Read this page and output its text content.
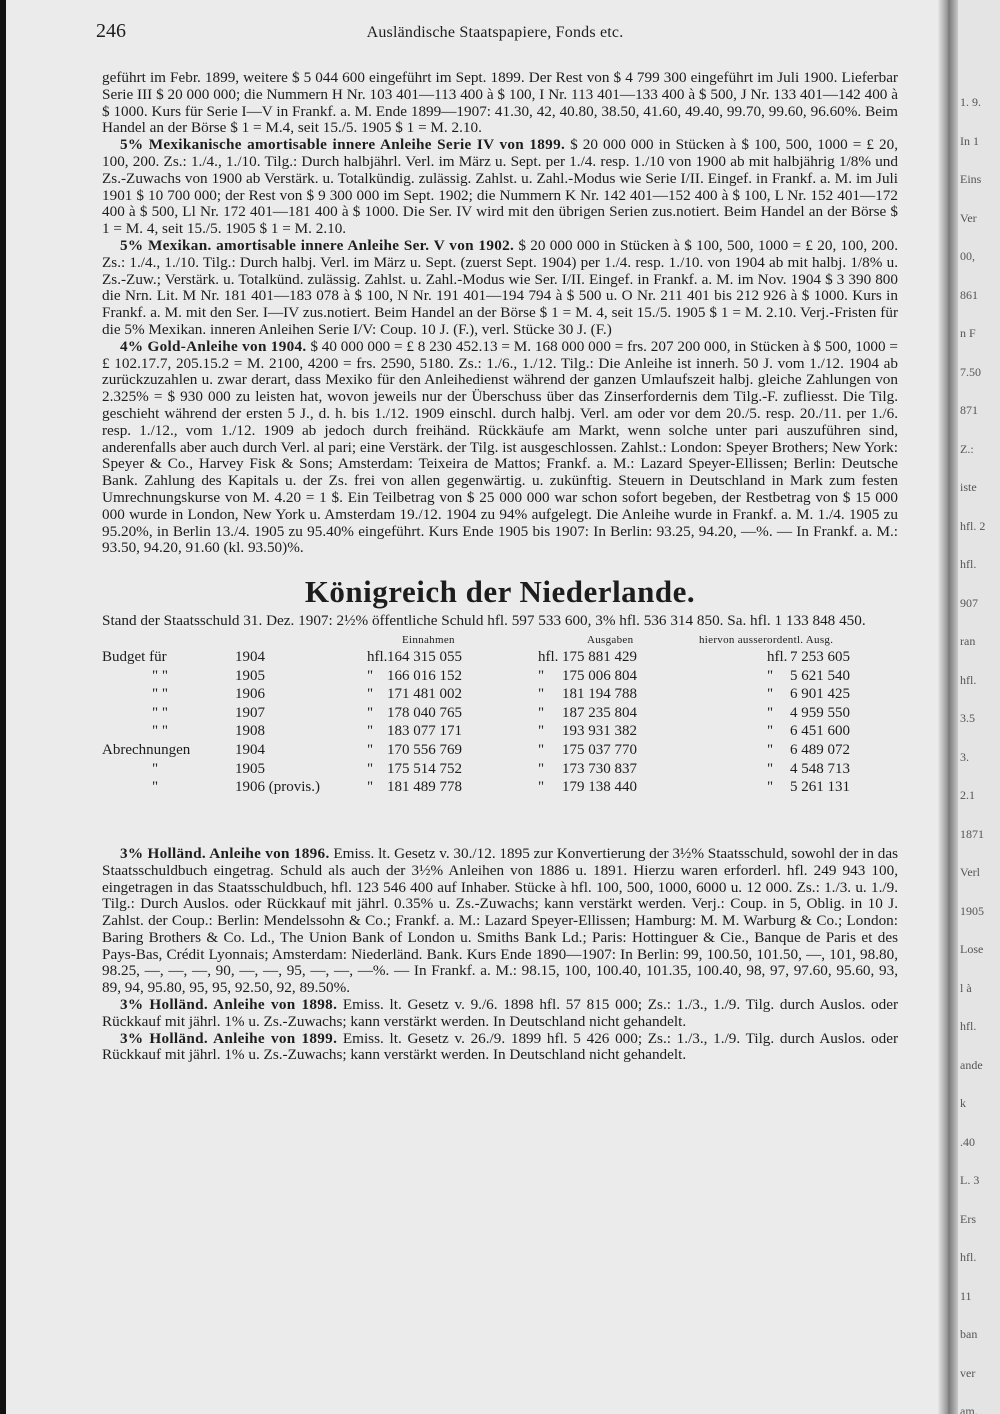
246	Ausländische Staatspapiere, Fonds etc.

geführt im Febr. 1899, weitere $ 5 044 600 eingeführt im Sept. 1899. Der Rest von $ 4 799 300 eingeführt im Juli 1900. Lieferbar Serie III $ 20 000 000; die Nummern H Nr. 103 401—113 400 à $ 100, I Nr. 113 401—133 400 à $ 500, J Nr. 133 401—142 400 à $ 1000. Kurs für Serie I—V in Frankf. a. M. Ende 1899—1907: 41.30, 42, 40.80, 38.50, 41.60, 49.40, 99.70, 99.60, 96.60%. Beim Handel an der Börse $ 1 = M.4, seit 15./5. 1905 $ 1 = M. 2.10.

5% Mexikanische amortisable innere Anleihe Serie IV von 1899. $ 20 000 000 in Stücken à $ 100, 500, 1000 = £ 20, 100, 200. Zs.: 1./4., 1./10. Tilg.: Durch halbjährl. Verl. im März u. Sept. per 1./4. resp. 1./10 von 1900 ab mit halbjährig 1/8% und Zs.-Zuwachs von 1900 ab Verstärk. u. Totalkündig. zulässig. Zahlst. u. Zahl.-Modus wie Serie I/II. Eingef. in Frankf. a. M. im Juli 1901 $ 10 700 000; der Rest von $ 9 300 000 im Sept. 1902; die Nummern K Nr. 142 401—152 400 à $ 100, L Nr. 152 401—172 400 à $ 500, Ll Nr. 172 401—181 400 à $ 1000. Die Ser. IV wird mit den übrigen Serien zus.notiert. Beim Handel an der Börse $ 1 = M. 4, seit 15./5. 1905 $ 1 = M. 2.10.

5% Mexikan. amortisable innere Anleihe Ser. V von 1902. $ 20 000 000 in Stücken à $ 100, 500, 1000 = £ 20, 100, 200. Zs.: 1./4., 1./10. Tilg.: Durch halbj. Verl. im März u. Sept. (zuerst Sept. 1904) per 1./4. resp. 1./10. von 1904 ab mit halbj. 1/8% u. Zs.-Zuw.; Verstärk. u. Totalkünd. zulässig. Zahlst. u. Zahl.-Modus wie Ser. I/II. Eingef. in Frankf. a. M. im Nov. 1904 $ 3 390 800 die Nrn. Lit. M Nr. 181 401—183 078 à $ 100, N Nr. 191 401—194 794 à $ 500 u. O Nr. 211 401 bis 212 926 à $ 1000. Kurs in Frankf. a. M. mit den Ser. I—IV zus.notiert. Beim Handel an der Börse $ 1 = M. 4, seit 15./5. 1905 $ 1 = M. 2.10. Verj.-Fristen für die 5% Mexikan. inneren Anleihen Serie I/V: Coup. 10 J. (F.), verl. Stücke 30 J. (F.)

4% Gold-Anleihe von 1904. $ 40 000 000 = £ 8 230 452.13 = M. 168 000 000 = frs. 207 200 000, in Stücken à $ 500, 1000 = £ 102.17.7, 205.15.2 = M. 2100, 4200 = frs. 2590, 5180. Zs.: 1./6., 1./12. Tilg.: Die Anleihe ist innerh. 50 J. vom 1./12. 1904 ab zurückzuzahlen u. zwar derart, dass Mexiko für den Anleihedienst während der ganzen Umlaufszeit halbj. gleiche Zahlungen von 2.325% = $ 930 000 zu leisten hat, wovon jeweils nur der Überschuss über das Zinserfordernis dem Tilg.-F. zufliesst. Die Tilg. geschieht während der ersten 5 J., d. h. bis 1./12. 1909 einschl. durch halbj. Verl. am oder vor dem 20./5. resp. 20./11. per 1./6. resp. 1./12., vom 1./12. 1909 ab jedoch durch freihänd. Rückkäufe am Markt, wenn solche unter pari auszuführen sind, anderenfalls aber auch durch Verl. al pari; eine Verstärk. der Tilg. ist ausgeschlossen. Zahlst.: London: Speyer Brothers; New York: Speyer & Co., Harvey Fisk & Sons; Amsterdam: Teixeira de Mattos; Frankf. a. M.: Lazard Speyer-Ellissen; Berlin: Deutsche Bank. Zahlung des Kapitals u. der Zs. frei von allen gegenwärtig. u. zukünftig. Steuern in Deutschland in Mark zum festen Umrechnungskurse von M. 4.20 = 1 $. Ein Teilbetrag von $ 25 000 000 war schon sofort begeben, der Restbetrag von $ 15 000 000 wurde in London, New York u. Amsterdam 19./12. 1904 zu 94% aufgelegt. Die Anleihe wurde in Frankf. a. M. 1./4. 1905 zu 95.20%, in Berlin 13./4. 1905 zu 95.40% eingeführt. Kurs Ende 1905 bis 1907: In Berlin: 93.25, 94.20, —%. — In Frankf. a. M.: 93.50, 94.20, 91.60 (kl. 93.50)%.

Königreich der Niederlande.

Stand der Staatsschuld 31. Dez. 1907: 2½% öffentliche Schuld hfl. 597 533 600, 3% hfl. 536 314 850. Sa. hfl. 1 133 848 450.

Einnahmen	Ausgaben	hiervon ausserordentl. Ausg.
Budget für	1904	hfl. 164 315 055	hfl. 175 881 429	hfl. 7 253 605
" "	1905	" 166 016 152	" 175 006 804	" 5 621 540
" "	1906	" 171 481 002	" 181 194 788	" 6 901 425
" "	1907	" 178 040 765	" 187 235 804	" 4 959 550
" "	1908	" 183 077 171	" 193 931 382	" 6 451 600
Abrechnungen	1904	" 170 556 769	" 175 037 770	" 6 489 072
"	1905	" 175 514 752	" 173 730 837	" 4 548 713
"	1906 (provis.)	" 181 489 778	" 179 138 440	" 5 261 131

3% Holländ. Anleihe von 1896. Emiss. lt. Gesetz v. 30./12. 1895 zur Konvertierung der 3½% Staatsschuld, sowohl der in das Staatsschuldbuch eingetrag. Schuld als auch der 3½% Anleihen von 1886 u. 1891. Hierzu waren erforderl. hfl. 249 943 100, eingetragen in das Staatsschuldbuch, hfl. 123 546 400 auf Inhaber. Stücke à hfl. 100, 500, 1000, 6000 u. 12 000. Zs.: 1./3. u. 1./9. Tilg.: Durch Auslos. oder Rückkauf mit jährl. 0.35% u. Zs.-Zuwachs; kann verstärkt werden. Verj.: Coup. in 5, Oblig. in 10 J. Zahlst. der Coup.: Berlin: Mendelssohn & Co.; Frankf. a. M.: Lazard Speyer-Ellissen; Hamburg: M. M. Warburg & Co.; London: Baring Brothers & Co. Ld., The Union Bank of London u. Smiths Bank Ld.; Paris: Hottinguer & Cie., Banque de Paris et des Pays-Bas, Crédit Lyonnais; Amsterdam: Niederländ. Bank. Kurs Ende 1890—1907: In Berlin: 99, 100.50, 101.50, —, 101, 98.80, 98.25, —, —, —, 90, —, —, 95, —, —, —%. — In Frankf. a. M.: 98.15, 100, 100.40, 101.35, 100.40, 98, 97, 97.60, 95.60, 93, 89, 94, 95.80, 95, 95, 92.50, 92, 89.50%.

3% Holländ. Anleihe von 1898. Emiss. lt. Gesetz v. 9./6. 1898 hfl. 57 815 000; Zs.: 1./3., 1./9. Tilg. durch Auslos. oder Rückkauf mit jährl. 1% u. Zs.-Zuwachs; kann verstärkt werden. In Deutschland nicht gehandelt.

3% Holländ. Anleihe von 1899. Emiss. lt. Gesetz v. 26./9. 1899 hfl. 5 426 000; Zs.: 1./3., 1./9. Tilg. durch Auslos. oder Rückkauf mit jährl. 1% u. Zs.-Zuwachs; kann verstärkt werden. In Deutschland nicht gehandelt.

1. 9.
In 1
Eins
Ver
00,
861
n F
7.50
871
Z.:
iste
hfl. 2
hfl.
907
ran
hfl.
3.5
3.
2.1
1871
Verl
1905
Lose
l à
hfl.
ande
k
.40
L. 3
Ers
hfl.
11
ban
ver
am.
